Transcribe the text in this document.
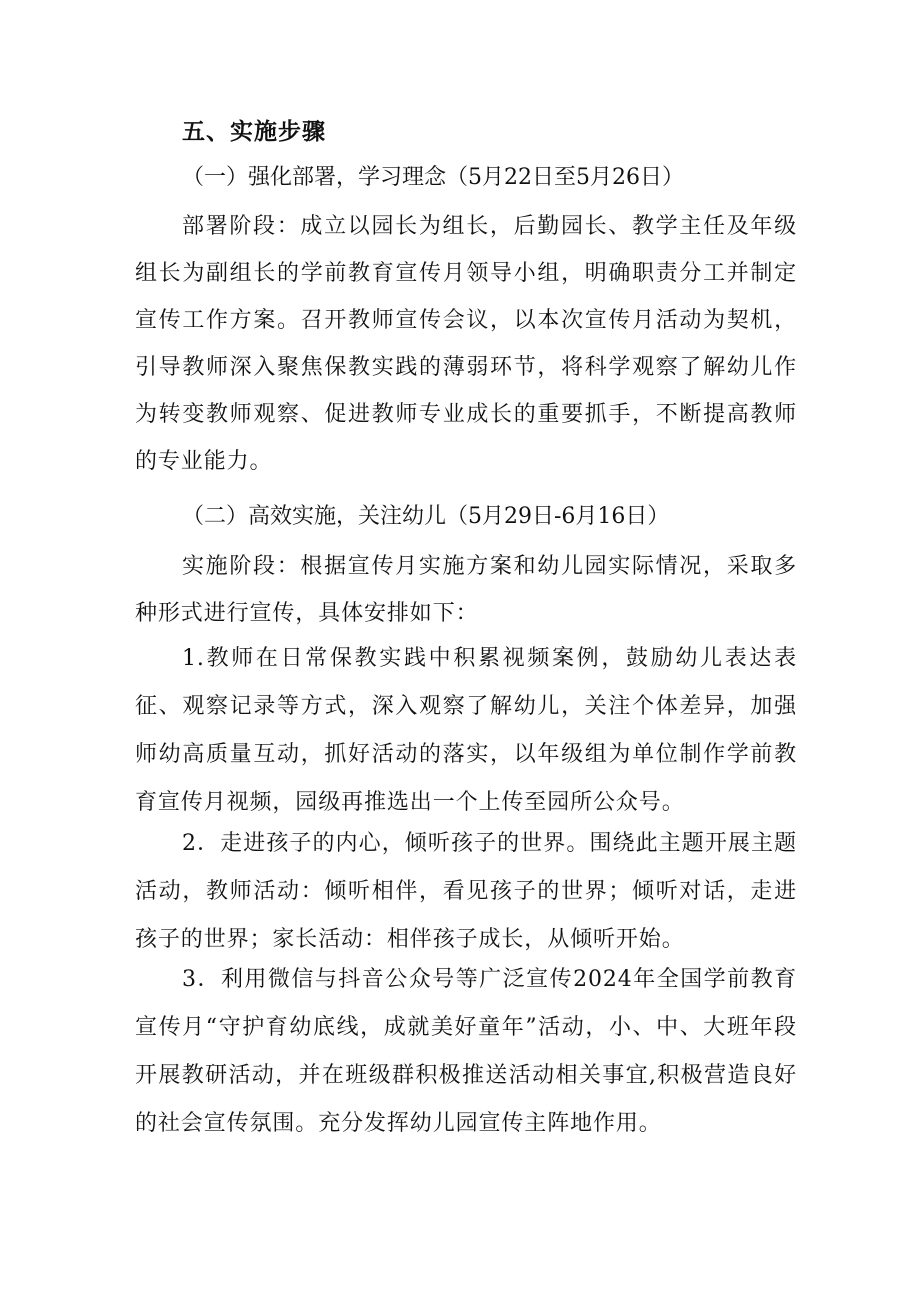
五、实施步骤

（一）强化部署，学习理念（5月22日至5月26日）

部署阶段：成立以园长为组长，后勤园长、教学主任及年级组长为副组长的学前教育宣传月领导小组，明确职责分工并制定宣传工作方案。召开教师宣传会议，以本次宣传月活动为契机，引导教师深入聚焦保教实践的薄弱环节，将科学观察了解幼儿作为转变教师观察、促进教师专业成长的重要抓手，不断提高教师的专业能力。

（二）高效实施，关注幼儿（5月29日-6月16日）

实施阶段：根据宣传月实施方案和幼儿园实际情况，采取多种形式进行宣传，具体安排如下：

1.教师在日常保教实践中积累视频案例，鼓励幼儿表达表征、观察记录等方式，深入观察了解幼儿，关注个体差异，加强师幼高质量互动，抓好活动的落实，以年级组为单位制作学前教育宣传月视频，园级再推选出一个上传至园所公众号。

2．走进孩子的内心，倾听孩子的世界。围绕此主题开展主题活动，教师活动：倾听相伴，看见孩子的世界；倾听对话，走进孩子的世界；家长活动：相伴孩子成长，从倾听开始。

3．利用微信与抖音公众号等广泛宣传2024年全国学前教育宣传月“守护育幼底线，成就美好童年”活动，小、中、大班年段开展教研活动，并在班级群积极推送活动相关事宜,积极营造良好的社会宣传氛围。充分发挥幼儿园宣传主阵地作用。
